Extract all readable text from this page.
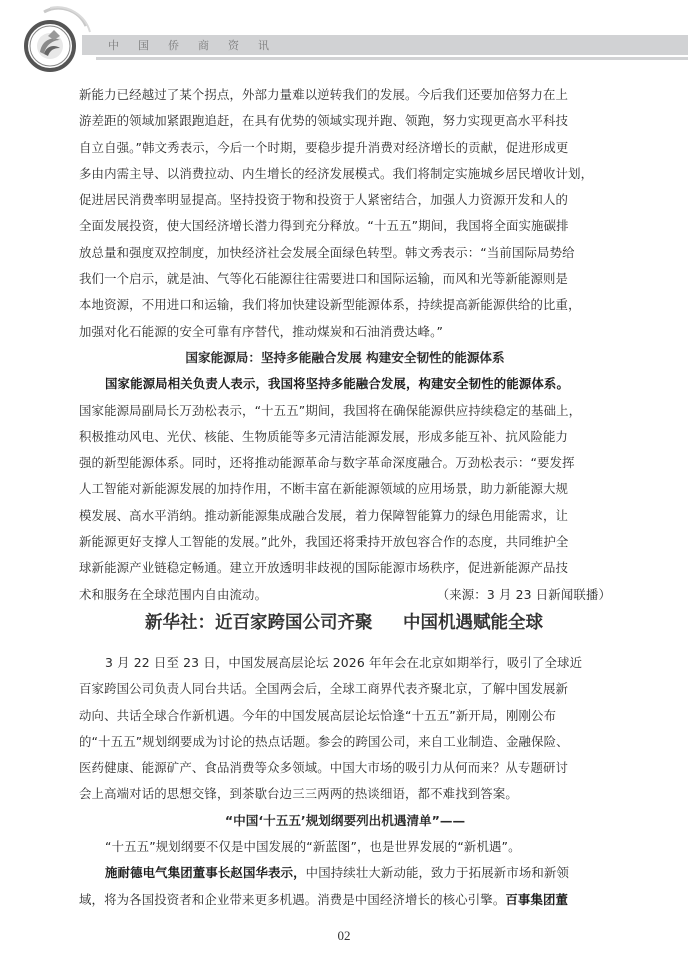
中国侨商资讯

新能力已经越过了某个拐点，外部力量难以逆转我们的发展。今后我们还要加倍努力在上

游差距的领域加紧跟跑追赶，在具有优势的领域实现并跑、领跑，努力实现更高水平科技

自立自强。”韩文秀表示，今后一个时期，要稳步提升消费对经济增长的贡献，促进形成更

多由内需主导、以消费拉动、内生增长的经济发展模式。我们将制定实施城乡居民增收计划，

促进居民消费率明显提高。坚持投资于物和投资于人紧密结合，加强人力资源开发和人的

全面发展投资，使大国经济增长潜力得到充分释放。“十五五”期间，我国将全面实施碳排

放总量和强度双控制度，加快经济社会发展全面绿色转型。韩文秀表示：“当前国际局势给

我们一个启示，就是油、气等化石能源往往需要进口和国际运输，而风和光等新能源则是

本地资源，不用进口和运输，我们将加快建设新型能源体系，持续提高新能源供给的比重，

加强对化石能源的安全可靠有序替代，推动煤炭和石油消费达峰。”

国家能源局：坚持多能融合发展 构建安全韧性的能源体系

国家能源局相关负责人表示，我国将坚持多能融合发展，构建安全韧性的能源体系。

国家能源局副局长万劲松表示，“十五五”期间，我国将在确保能源供应持续稳定的基础上，

积极推动风电、光伏、核能、生物质能等多元清洁能源发展，形成多能互补、抗风险能力

强的新型能源体系。同时，还将推动能源革命与数字革命深度融合。万劲松表示：“要发挥

人工智能对新能源发展的加持作用，不断丰富在新能源领域的应用场景，助力新能源大规

模发展、高水平消纳。推动新能源集成融合发展，着力保障智能算力的绿色用能需求，让

新能源更好支撑人工智能的发展。”此外，我国还将秉持开放包容合作的态度，共同维护全

球新能源产业链稳定畅通。建立开放透明非歧视的国际能源市场秩序，促进新能源产品技

术和服务在全球范围内自由流动。	（来源：3 月 23 日新闻联播）
新华社：近百家跨国公司齐聚     中国机遇赋能全球

3 月 22 日至 23 日，中国发展高层论坛 2026 年年会在北京如期举行，吸引了全球近

百家跨国公司负责人同台共话。全国两会后，全球工商界代表齐聚北京，了解中国发展新

动向、共话全球合作新机遇。今年的中国发展高层论坛恰逢“十五五”新开局，刚刚公布

的“十五五”规划纲要成为讨论的热点话题。参会的跨国公司，来自工业制造、金融保险、

医药健康、能源矿产、食品消费等众多领域。中国大市场的吸引力从何而来？从专题研讨

会上高端对话的思想交锋，到茶歇台边三三两两的热谈细语，都不难找到答案。

“中国‘十五五’规划纲要列出机遇清单”——

“十五五”规划纲要不仅是中国发展的“新蓝图”，也是世界发展的“新机遇”。

施耐德电气集团董事长赵国华表示，中国持续壮大新动能，致力于拓展新市场和新领

域，将为各国投资者和企业带来更多机遇。消费是中国经济增长的核心引擎。百事集团董

02
